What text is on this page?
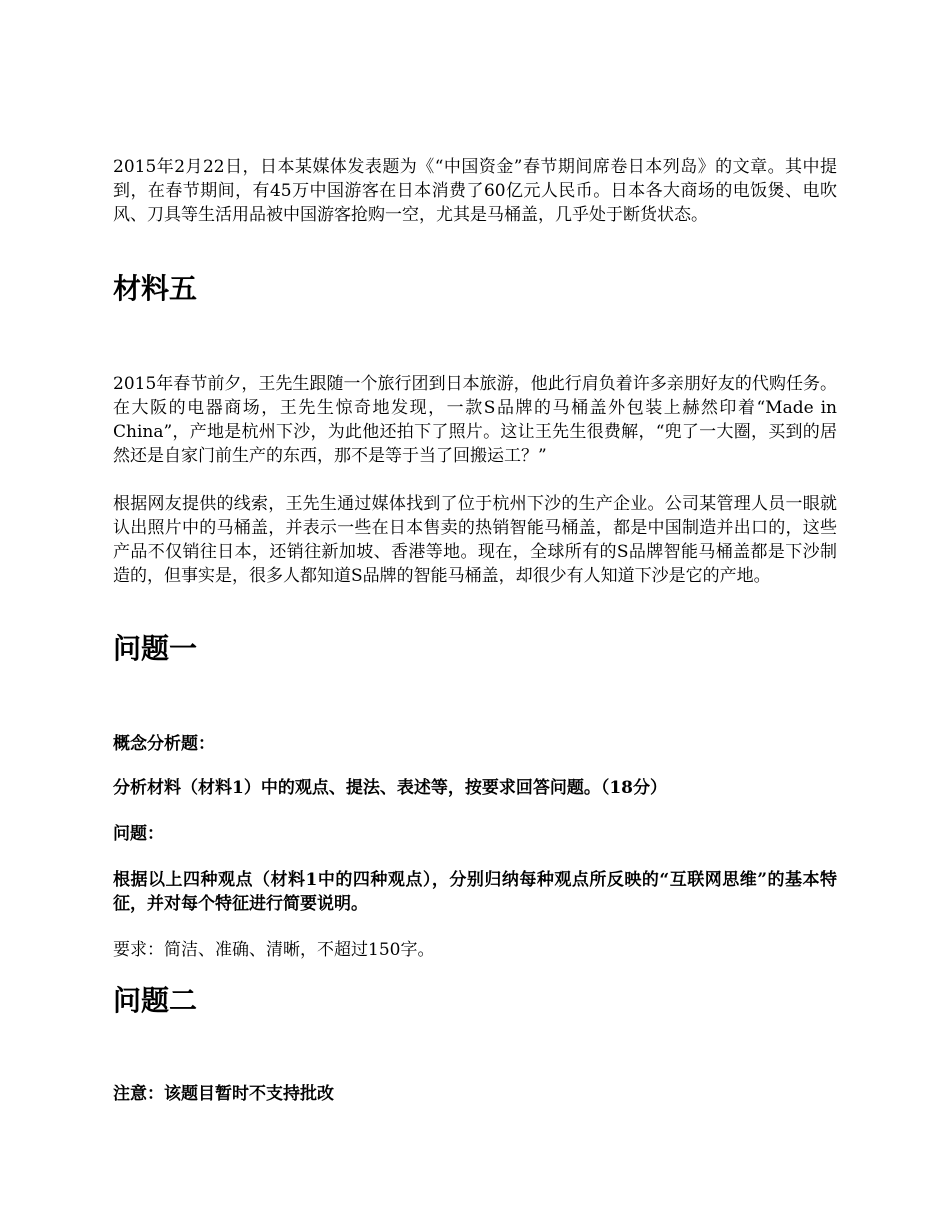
2015年2月22日，日本某媒体发表题为《“中国资金”春节期间席卷日本列岛》的文章。其中提到，在春节期间，有45万中国游客在日本消费了60亿元人民币。日本各大商场的电饭煲、电吹风、刀具等生活用品被中国游客抢购一空，尤其是马桶盖，几乎处于断货状态。

材料五

2015年春节前夕，王先生跟随一个旅行团到日本旅游，他此行肩负着许多亲朋好友的代购任务。在大阪的电器商场，王先生惊奇地发现，一款S品牌的马桶盖外包装上赫然印着“Made in China”，产地是杭州下沙，为此他还拍下了照片。这让王先生很费解，“兜了一大圈，买到的居然还是自家门前生产的东西，那不是等于当了回搬运工？”

根据网友提供的线索，王先生通过媒体找到了位于杭州下沙的生产企业。公司某管理人员一眼就认出照片中的马桶盖，并表示一些在日本售卖的热销智能马桶盖，都是中国制造并出口的，这些产品不仅销往日本，还销往新加坡、香港等地。现在，全球所有的S品牌智能马桶盖都是下沙制造的，但事实是，很多人都知道S品牌的智能马桶盖，却很少有人知道下沙是它的产地。

问题一

概念分析题：

分析材料（材料1）中的观点、提法、表述等，按要求回答问题。（18分）

问题：

根据以上四种观点（材料1中的四种观点），分别归纳每种观点所反映的“互联网思维”的基本特征，并对每个特征进行简要说明。

要求：简洁、准确、清晰，不超过150字。

问题二

注意：该题目暂时不支持批改
